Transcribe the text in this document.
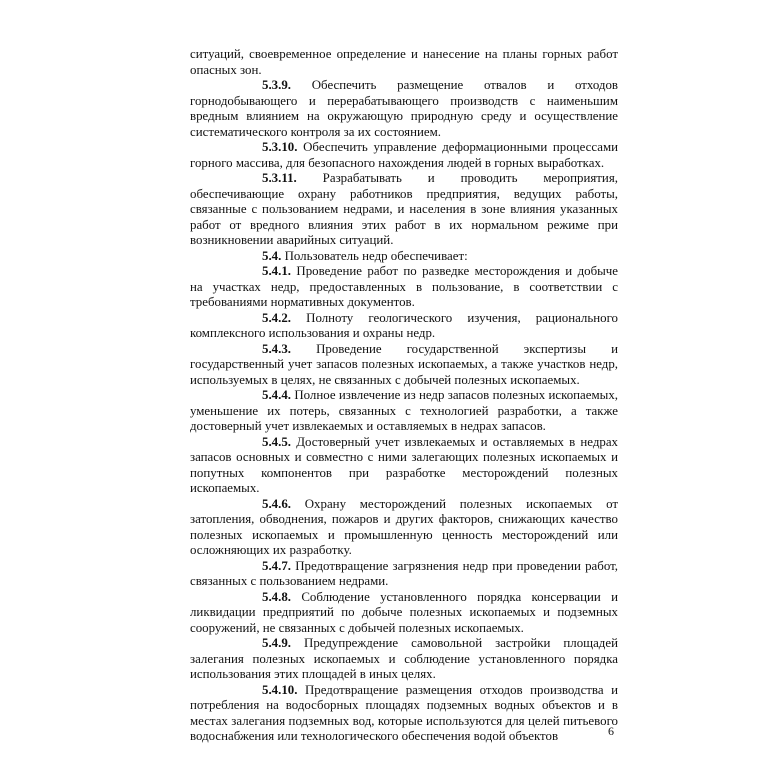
ситуаций, своевременное определение и нанесение на планы горных работ опасных зон.

5.3.9. Обеспечить размещение отвалов и отходов горнодобывающего и перерабатывающего производств с наименьшим вредным влиянием на окружающую природную среду и осуществление систематического контроля за их состоянием.

5.3.10. Обеспечить управление деформационными процессами горного массива, для безопасного нахождения людей в горных выработках.

5.3.11. Разрабатывать и проводить мероприятия, обеспечивающие охрану работников предприятия, ведущих работы, связанные с пользованием недрами, и населения в зоне влияния указанных работ от вредного влияния этих работ в их нормальном режиме при возникновении аварийных ситуаций.

5.4. Пользователь недр обеспечивает:

5.4.1. Проведение работ по разведке месторождения и добыче на участках недр, предоставленных в пользование, в соответствии с требованиями нормативных документов.

5.4.2. Полноту геологического изучения, рационального комплексного использования и охраны недр.

5.4.3. Проведение государственной экспертизы и государственный учет запасов полезных ископаемых, а также участков недр, используемых в целях, не связанных с добычей полезных ископаемых.

5.4.4. Полное извлечение из недр запасов полезных ископаемых, уменьшение их потерь, связанных с технологией разработки, а также достоверный учет извлекаемых и оставляемых в недрах запасов.

5.4.5. Достоверный учет извлекаемых и оставляемых в недрах запасов основных и совместно с ними залегающих полезных ископаемых и попутных компонентов при разработке месторождений полезных ископаемых.

5.4.6. Охрану месторождений полезных ископаемых от затопления, обводнения, пожаров и других факторов, снижающих качество полезных ископаемых и промышленную ценность месторождений или осложняющих их разработку.

5.4.7. Предотвращение загрязнения недр при проведении работ, связанных с пользованием недрами.

5.4.8. Соблюдение установленного порядка консервации и ликвидации предприятий по добыче полезных ископаемых и подземных сооружений, не связанных с добычей полезных ископаемых.

5.4.9. Предупреждение самовольной застройки площадей залегания полезных ископаемых и соблюдение установленного порядка использования этих площадей в иных целях.

5.4.10. Предотвращение размещения отходов производства и потребления на водосборных площадях подземных водных объектов и в местах залегания подземных вод, которые используются для целей питьевого водоснабжения или технологического обеспечения водой объектов	6
